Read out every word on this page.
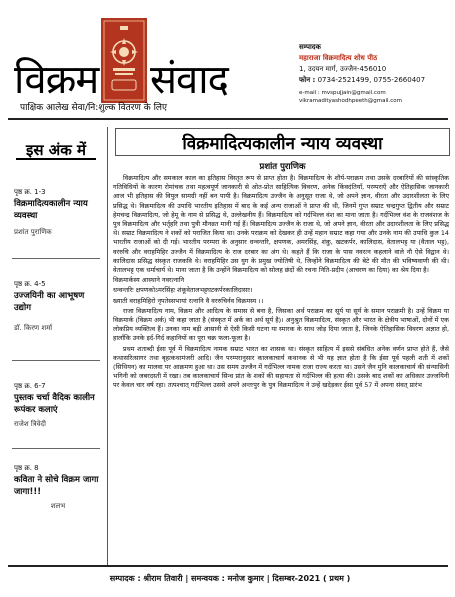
विक्रम संवाद
पाक्षिक आलेख सेवा/नि:शुल्क वितरण के लिए
सम्पादक
महाराजा विक्रमादित्य शोध पीठ
1, उदयन मार्ग, उज्जैन-456010
फोन : 0734-2521499, 0755-2660407
e-mail : mvspujjain@gmail.com
vikramadityashodhpeeth@gmail.com
इस अंक में
पृष्ठ क्र. 1-3
विक्रमादित्यकालीन न्याय व्यवस्था
प्रशांत पुराणिक
पृष्ठ क्र. 4-5
उज्जयिनी का आभूषण उद्योग
डॉ. किरण शर्मा
पृष्ठ क्र. 6-7
पुस्तक चर्चा वैदिक कालीन रूपंकर कलाएं
राजेश त्रिवेदी
पृष्ठ क्र. 8
कविता ने सोचे विक्रम जागा जागा!!!
शलभ
विक्रमादित्यकालीन न्याय व्यवस्था
प्रशांत पुराणिक

विक्रमादित्य और समकाल काल का इतिहास विस्तृत रूप से प्राप्त होता है। विक्रमादित्य के शौर्य-पराक्रम तथा उसके दरबारियों की सांस्कृतिक गतिविधियों के कारण रोमांचक तथा महत्वपूर्ण जानकारी से ओत-प्रोत साहित्यिक विवरण, अनेक किंवदंतियाँ, परम्पराएँ और ऐतिहासिक जानकारी आज भी इतिहास की विपुल सामग्री नहीं बन पायी है। विक्रमादित्य उज्जैन के अनुसूत राजा थे, जो अपने ज्ञान, वीरता और उदारशीलता के लिए प्रसिद्ध थे। विक्रमादित्य की उपाधि भारतीय इतिहास में बाद के कई अन्य राजाओं ने प्राप्त की थी, जिनमें गुप्त सम्राट चन्द्रगुप्त द्वितीय और सम्राट हेमचन्द्र विक्रमादित्य, जो हेमू के नाम से प्रसिद्ध थे, उल्लेखनीय हैं। विक्रमादित्य को गर्दभिल्ल वंश का माना जाता है। गर्दभिल्ल वंश के राजवंशज के पुत्र विक्रमादित्य और भर्तृहरि तथा पुत्री मौनव्रत मानी गई हैं। विक्रमादित्य उज्जैन के राजा थे, जो अपने ज्ञान, वीरता और उदारशीलता के लिए प्रसिद्ध थे। सम्राट विक्रमादित्य ने शकों को पराजित किया था। उनके पराक्रम को देखकर ही उन्हें महान सम्राट कहा गया और उनके नाम की उपाधि कुल 14 भारतीय राजाओं को दी गई। भारतीय परम्परा के अनुसार धन्वन्तरि, क्षपणक, अमरसिंह, शंकु, खटकर्पर, कालिदास, वेतालभट्ट या (वैताल भट्ट), वररुचि और वराहमिहिर उज्जैन में विक्रमादित्य के राज दरबार का अंग थे। कहते हैं कि राजा के पास नवरत्न कहलाने वाले नौ ऐसे विद्वान थे। कालिदास प्रसिद्ध संस्कृत राजकवि थे। वराहमिहिर उस युग के प्रमुख ज्योतिषी थे, जिन्होंने विक्रमादित्य की बेटे की मौत की भविष्यवाणी की थी। वेतालभट्ट एक धर्माचार्य थे। माना जाता है कि उन्होंने विक्रमादित्य को सोलह छंदों की रचना निति-प्रदीप (आचरण का दिया) का श्रेय दिया है।

विक्रमार्कस्य आस्थाने नवरत्नानि

धन्वन्तरिः क्षपणकोऽमरसिंहः शंकूवेतालभट्टघटकर्परकालिदासाः।

ख्याती वराहमिहिरो नृपतेस्सभायां रत्नानि वै वररुचिर्नव विक्रमस्य ।।

राजा विक्रमादित्य नाम, विक्रम और आदित्य के समास से बना है, जिसका अर्थ पराक्रम का सूर्य या सूर्य के समान पराक्रमी है। उन्हें विक्रम या विक्रमार्क (विक्रम अर्क) भी कहा जाता है (संस्कृत में अर्क का अर्थ सूर्य है)। अनुश्रुत विक्रमादित्य, संस्कृत और भारत के क्षेत्रीय भाषाओं, दोनों में एक लोकप्रिय व्यक्तित्व हैं। उनका नाम बड़ी आसानी से ऐसी किसी घटना या स्मारक के साथ जोड़ दिया जाता है, जिनके ऐतिहासिक विवरण अज्ञात हो, हालाँकि उनके इर्द-गिर्द कहानियों का पूरा चक्र फला-फूला है।

प्रथम शताब्दी ईसा पूर्व में विक्रमादित्य नामक सम्राट भारत का शासक था। संस्कृत साहित्य में इससे संबंधित अनेक वर्णन प्राप्त होते हैं, जैसे कथासरित्सागर तथा बृहत्कथामंजरी आदि। जैन परम्परानुसार कालकाचार्य कथानक से भी यह ज्ञात होता है कि ईसा पूर्व पहली शती में शकों (सिथियन) का मालवा पर आक्रमण हुआ था। उस समय उज्जैन में गर्दभिल्ल नामक राजा राज्य करता था। उसने जैन मुनि कालकाचार्य की संन्यासिनी भगिनी को जबरदस्ती में रखा। तब कालकाचार्य सिन्ध प्रांत के शकों की सहायता से गर्दभिल्ल की हत्या की। उसके बाद शकों का अधिकार उज्जयिनी पर केवल चार वर्ष रहा। तत्पश्चात् गर्दभिल्ल उससे अपने अन्तःपुर के पुत्र विक्रमादित्य ने उन्हें खदेड़कर ईसा पूर्व 57 में अपना संवत् प्रारंभ

सम्पादक : श्रीराम तिवारी | समन्वयक : मनोज कुमार | दिसम्बर-2021 ( प्रथम )
